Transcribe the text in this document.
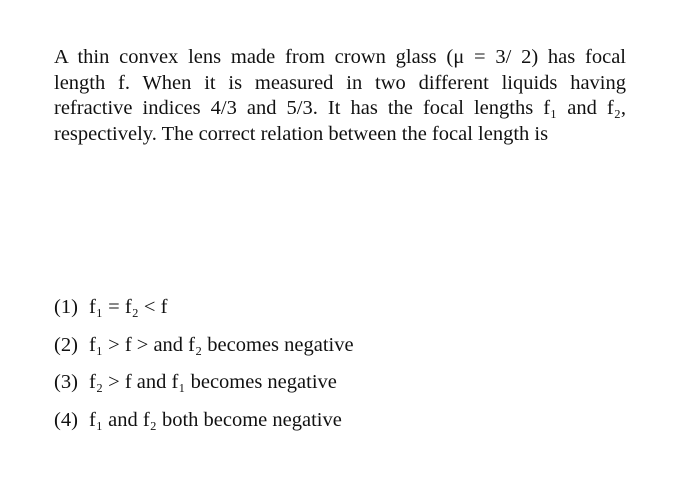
A thin convex lens made from crown glass (μ = 3/ 2) has focal
length f. When it is measured in two different liquids having
refractive indices 4/3 and 5/3. It has the focal lengths f₁ and f₂,
respectively. The correct relation between the focal length is
(1) f₁ = f₂ < f
(2) f₁ > f > and f₂ becomes negative
(3) f₂ > f and f₁ becomes negative
(4) f₁ and f₂ both become negative
